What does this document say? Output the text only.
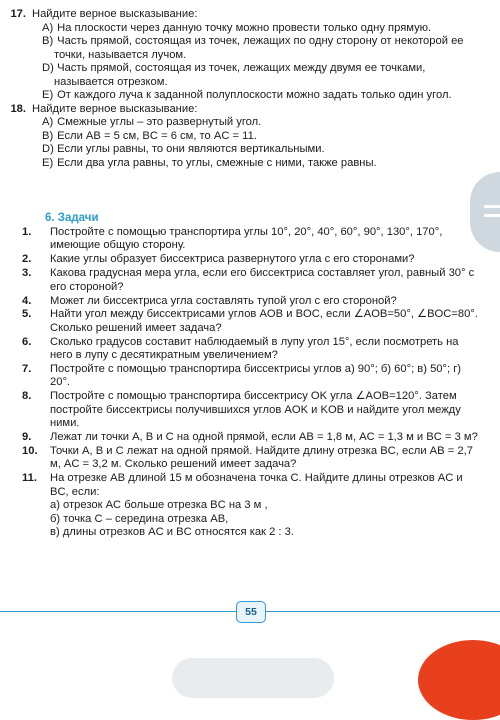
17. Найдите верное высказывание:
A) На плоскости через данную точку можно провести только одну прямую.
B) Часть прямой, состоящая из точек, лежащих по одну сторону от некоторой ее точки, называется лучом.
D) Часть прямой, состоящая из точек, лежащих между двумя ее точками, называется отрезком.
E) От каждого луча к заданной полуплоскости можно задать только один угол.
18. Найдите верное высказывание:
A) Смежные углы – это развернутый угол.
B) Если AB = 5 см, BC = 6 см, то AC = 11.
D) Если углы равны, то они являются вертикальными.
E) Если два угла равны, то углы, смежные с ними, также равны.
6. Задачи
1.	Постройте с помощью транспортира углы 10°, 20°, 40°, 60°, 90°, 130°, 170°, имеющие общую сторону.
2.	Какие углы образует биссектриса развернутого угла с его сторонами?
3.	Какова градусная мера угла, если его биссектриса составляет угол, равный 30° с его стороной?
4.	Может ли биссектриса угла составлять тупой угол с его стороной?
5.	Найти угол между биссектрисами углов AOB и BOC, если ∠AOB=50°, ∠BOC=80°. Сколько решений имеет задача?
6.	Сколько градусов составит наблюдаемый в лупу угол 15°, если посмотреть на него в лупу с десятикратным увеличением?
7.	Постройте с помощью транспортира биссектрисы углов а) 90°; б) 60°; в) 50°; г) 20°.
8.	Постройте с помощью транспортира биссектрису OK угла ∠AOB=120°. Затем постройте биссектрисы получившихся углов AOK и KOB и найдите угол между ними.
9.	Лежат ли точки A, B и C на одной прямой, если AB = 1,8 м, AC = 1,3 м и BC = 3 м?
10.	Точки A, B и C лежат на одной прямой. Найдите длину отрезка BC, если AB = 2,7 м, AC = 3,2 м. Сколько решений имеет задача?
11.	На отрезке AB длиной 15 м обозначена точка C. Найдите длины отрезков AC и BC, если:
а) отрезок AC больше отрезка BC на 3 м ,
б) точка C – середина отрезка AB,
в) длины отрезков AC и BC относятся как 2 : 3.
55
